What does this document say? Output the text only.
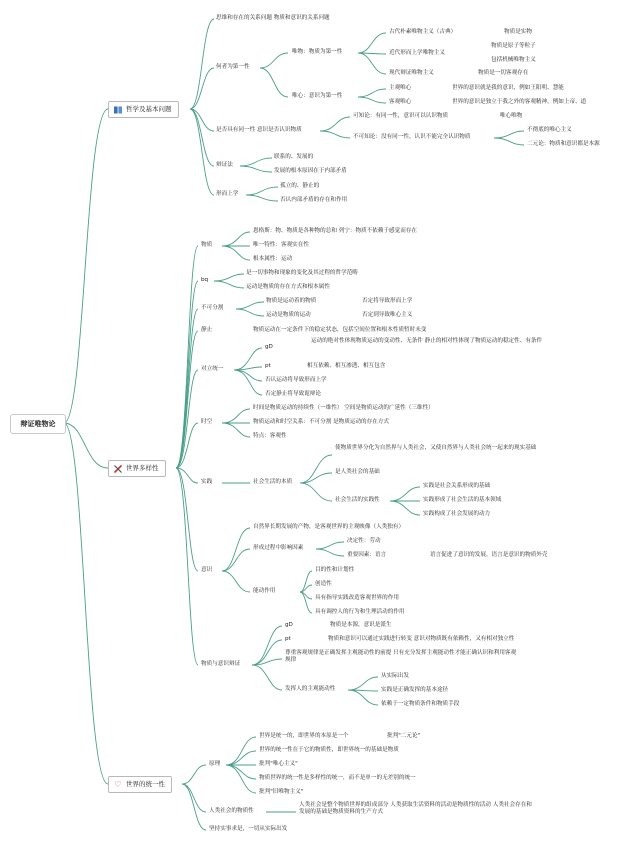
辩证唯物论
哲学及基本问题
世界多样性
♡ 世界的统一性
思维和存在的关系问题 物质和意识的关系问题
何者为第一性
唯物：物质为第一性
古代朴素唯物主义（古典）	物质是实物
近代形而上学唯物主义
物质是原子等粒子
包括机械唯物主义
现代辩证唯物主义	物质是一切客观存在
唯心：意识为第一性
主观唯心	世界的意识就是我的意识，例如王阳明、慧能
客观唯心	世界的意识是独立于我之外的客观精神，例如上帝、道
是否具有同一性 意识是否认识物质
可知论：有同一性，意识可以认识物质	唯心唯物
不可知论：没有同一性，认识不能完全认识物质
不彻底的唯心主义
二元论：物质和意识都是本源
辩证法
联系的、发展的
发展的根本原因在于内部矛盾
形而上学
孤立的、静止的
否认内部矛盾的存在和作用
物质
恩格斯：物、物质是各种物的总和 列宁：物质不依赖于感觉而存在
唯一特性：客观实在性
根本属性：运动
bq
是一切事物和现象的变化及其过程的哲学范畴
运动是物质的存在方式和根本属性
不可分割
物质是运动着的物质	否定将导致形而上学
运动是物质的运动	否定到导致唯心主义
静止	物质运动在一定条件下的稳定状态，包括空间位置和根本性质暂时未变
对立统一
gD
运动的绝对性体现物质运动的变动性、无条件 静止的相对性体现了物质运动的稳定性、有条件
pt	相互依赖、相互渗透、相互包含
否认运动将导致形而上学
否定静止将导致诡辩论
时空
时间是物质运动的持续性（一维性） 空间是物质运动的广延性（三维性）
物质运动和时空关系：不可分割 是物质运动的存在方式
特点：客观性
实践
使物质世界分化为自然界与人类社会，又使自然界与人类社会统一起来的现实基础
社会生活的本质
是人类社会的基础
社会生活的实践性
实践是社会关系形成的基础
实践形成了社会生活的基本领域
实践构成了社会发展的动力
自然界长期发展的产物，是客观世界的主观映像（人类独有）
意识
形成过程中影响因素
决定性：劳动
重要因素：语言	语言促进了意识的发展，语言是意识的物质外壳
能动作用
目的性和计划性
创造性
具有指导实践改造客观世界的作用
具有调控人的行为和生理活动的作用
物质与意识辩证
gD	物质是本源，意识是派生
pt	物质和意识可以通过实践进行转变 意识对物质既有依赖性，又有相对独立性
尊重客观规律是正确发挥主观能动性的前提 只有充分发挥主观能动性才能正确认识和利用客观规律
发挥人的主观能动性
从实际出发
实践是正确发挥的基本途径
依赖于一定物质条件和物质手段
原理
世界是统一的，即世界的本原是一个	批判"二元论"
世界的统一性在于它的物质性，即世界统一的基础是物质
批判"唯心主义"
物质世界的统一性是多样性的统一，而不是单一的无差别的统一
批判"旧唯物主义"
人类社会的物质性
人类社会是整个物质世界的组成部分 人类获取生活资料的活动是物质性的活动 人类社会存在和发展的基础是物质资料的生产方式
坚持实事求是，一切从实际出发
